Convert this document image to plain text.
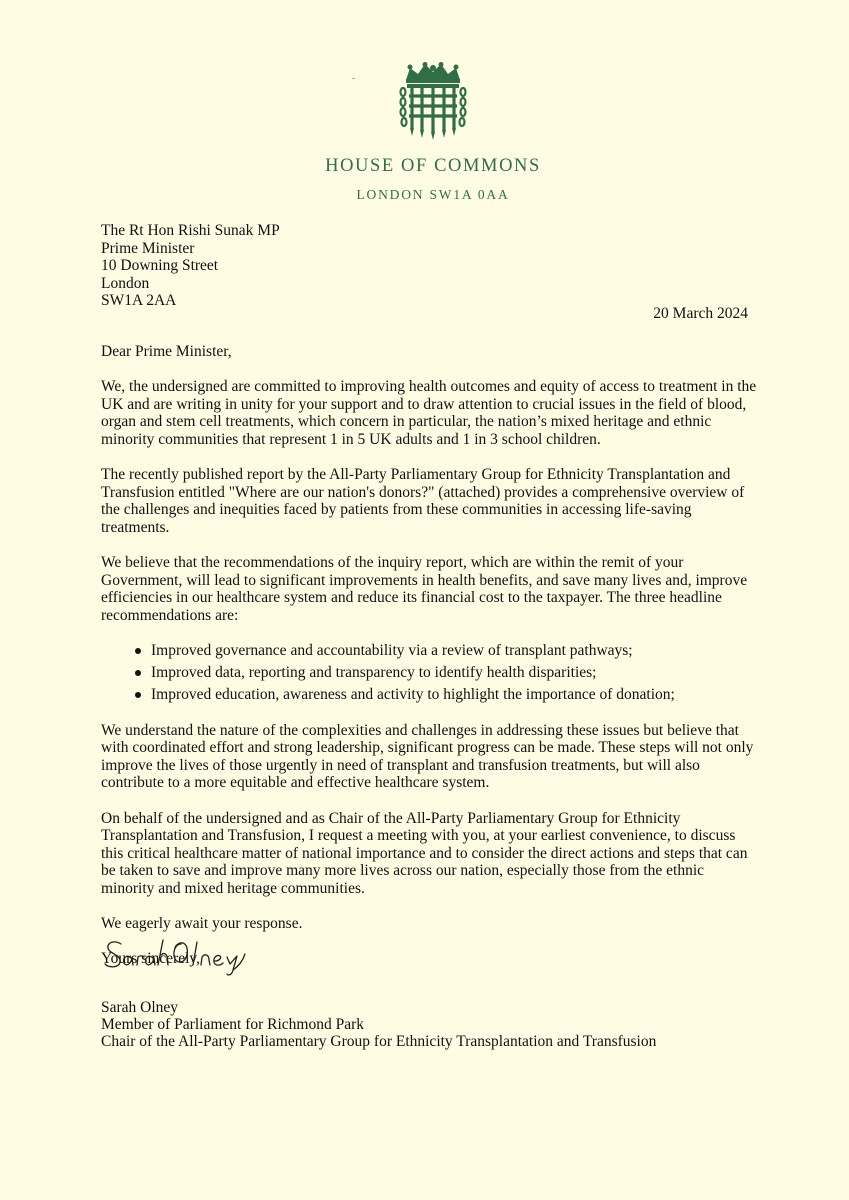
HOUSE OF COMMONS
LONDON SW1A 0AA
The Rt Hon Rishi Sunak MP
Prime Minister
10 Downing Street
London
SW1A 2AA
20 March 2024

Dear Prime Minister,

We, the undersigned are committed to improving health outcomes and equity of access to treatment in the UK and are writing in unity for your support and to draw attention to crucial issues in the field of blood, organ and stem cell treatments, which concern in particular, the nation’s mixed heritage and ethnic minority communities that represent 1 in 5 UK adults and 1 in 3 school children.

The recently published report by the All-Party Parliamentary Group for Ethnicity Transplantation and Transfusion entitled "Where are our nation's donors?" (attached) provides a comprehensive overview of the challenges and inequities faced by patients from these communities in accessing life-saving treatments.

We believe that the recommendations of the inquiry report, which are within the remit of your Government, will lead to significant improvements in health benefits, and save many lives and, improve efficiencies in our healthcare system and reduce its financial cost to the taxpayer. The three headline recommendations are:

Improved governance and accountability via a review of transplant pathways;
Improved data, reporting and transparency to identify health disparities;
Improved education, awareness and activity to highlight the importance of donation;

We understand the nature of the complexities and challenges in addressing these issues but believe that with coordinated effort and strong leadership, significant progress can be made. These steps will not only improve the lives of those urgently in need of transplant and transfusion treatments, but will also contribute to a more equitable and effective healthcare system.

On behalf of the undersigned and as Chair of the All-Party Parliamentary Group for Ethnicity Transplantation and Transfusion, I request a meeting with you, at your earliest convenience, to discuss this critical healthcare matter of national importance and to consider the direct actions and steps that can be taken to save and improve many more lives across our nation, especially those from the ethnic minority and mixed heritage communities.

We eagerly await your response.

Yours sincerely,

Sarah Olney
Member of Parliament for Richmond Park
Chair of the All-Party Parliamentary Group for Ethnicity Transplantation and Transfusion
